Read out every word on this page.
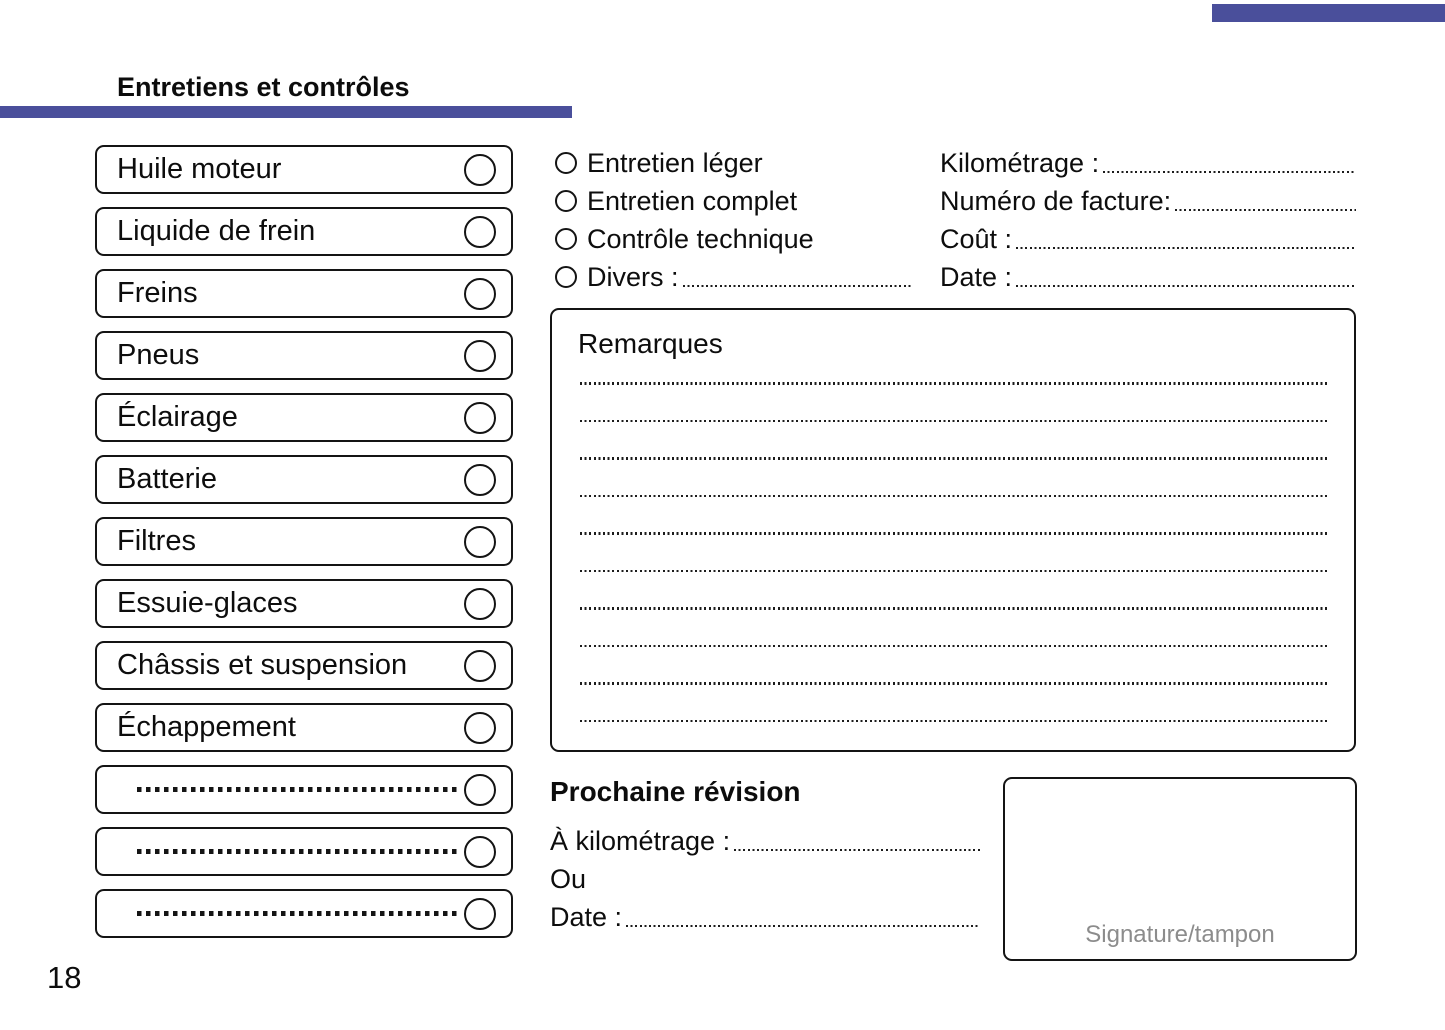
Entretiens et contrôles
Huile moteur
Liquide de frein
Freins
Pneus
Éclairage
Batterie
Filtres
Essuie-glaces
Châssis et suspension
Échappement
Entretien léger
Entretien complet
Contrôle technique
Divers :
Kilométrage :
Numéro de facture:
Coût :
Date :
Remarques
Prochaine révision
À kilométrage :
Ou
Date :
Signature/tampon
18
